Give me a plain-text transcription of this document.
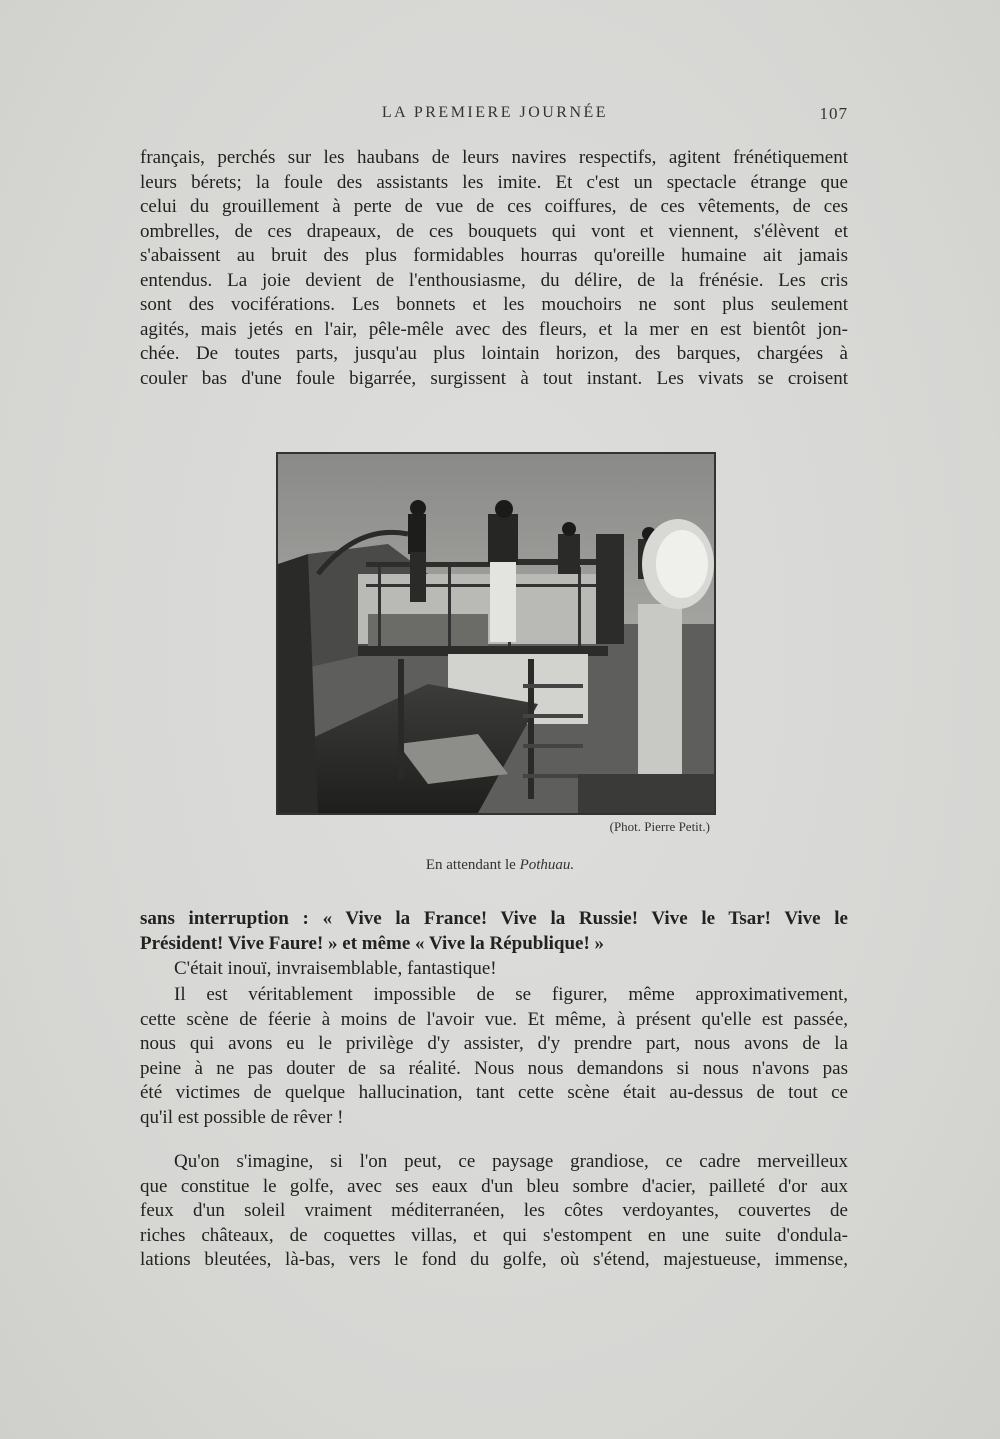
LA PREMIERE JOURNÉE	107

français, perchés sur les haubans de leurs navires respectifs, agitent frénétiquement
leurs bérets; la foule des assistants les imite. Et c'est un spectacle étrange que
celui du grouillement à perte de vue de ces coiffures, de ces vêtements, de ces
ombrelles, de ces drapeaux, de ces bouquets qui vont et viennent, s'élèvent et
s'abaissent au bruit des plus formidables hourras qu'oreille humaine ait jamais
entendus. La joie devient de l'enthousiasme, du délire, de la frénésie. Les cris
sont des vociférations. Les bonnets et les mouchoirs ne sont plus seulement
agités, mais jetés en l'air, pêle-mêle avec des fleurs, et la mer en est bientôt jon-
chée. De toutes parts, jusqu'au plus lointain horizon, des barques, chargées à
couler bas d'une foule bigarrée, surgissent à tout instant. Les vivats se croisent

(Phot. Pierre Petit.)
En attendant le Pothuau.

sans interruption : « Vive la France! Vive la Russie! Vive le Tsar! Vive le
Président! Vive Faure! » et même « Vive la République! »

C'était inouï, invraisemblable, fantastique!

Il est véritablement impossible de se figurer, même approximativement,
cette scène de féerie à moins de l'avoir vue. Et même, à présent qu'elle est passée,
nous qui avons eu le privilège d'y assister, d'y prendre part, nous avons de la
peine à ne pas douter de sa réalité. Nous nous demandons si nous n'avons pas
été victimes de quelque hallucination, tant cette scène était au-dessus de tout ce
qu'il est possible de rêver !

Qu'on s'imagine, si l'on peut, ce paysage grandiose, ce cadre merveilleux
que constitue le golfe, avec ses eaux d'un bleu sombre d'acier, pailleté d'or aux
feux d'un soleil vraiment méditerranéen, les côtes verdoyantes, couvertes de
riches châteaux, de coquettes villas, et qui s'estompent en une suite d'ondula-
lations bleutées, là-bas, vers le fond du golfe, où s'étend, majestueuse, immense,
